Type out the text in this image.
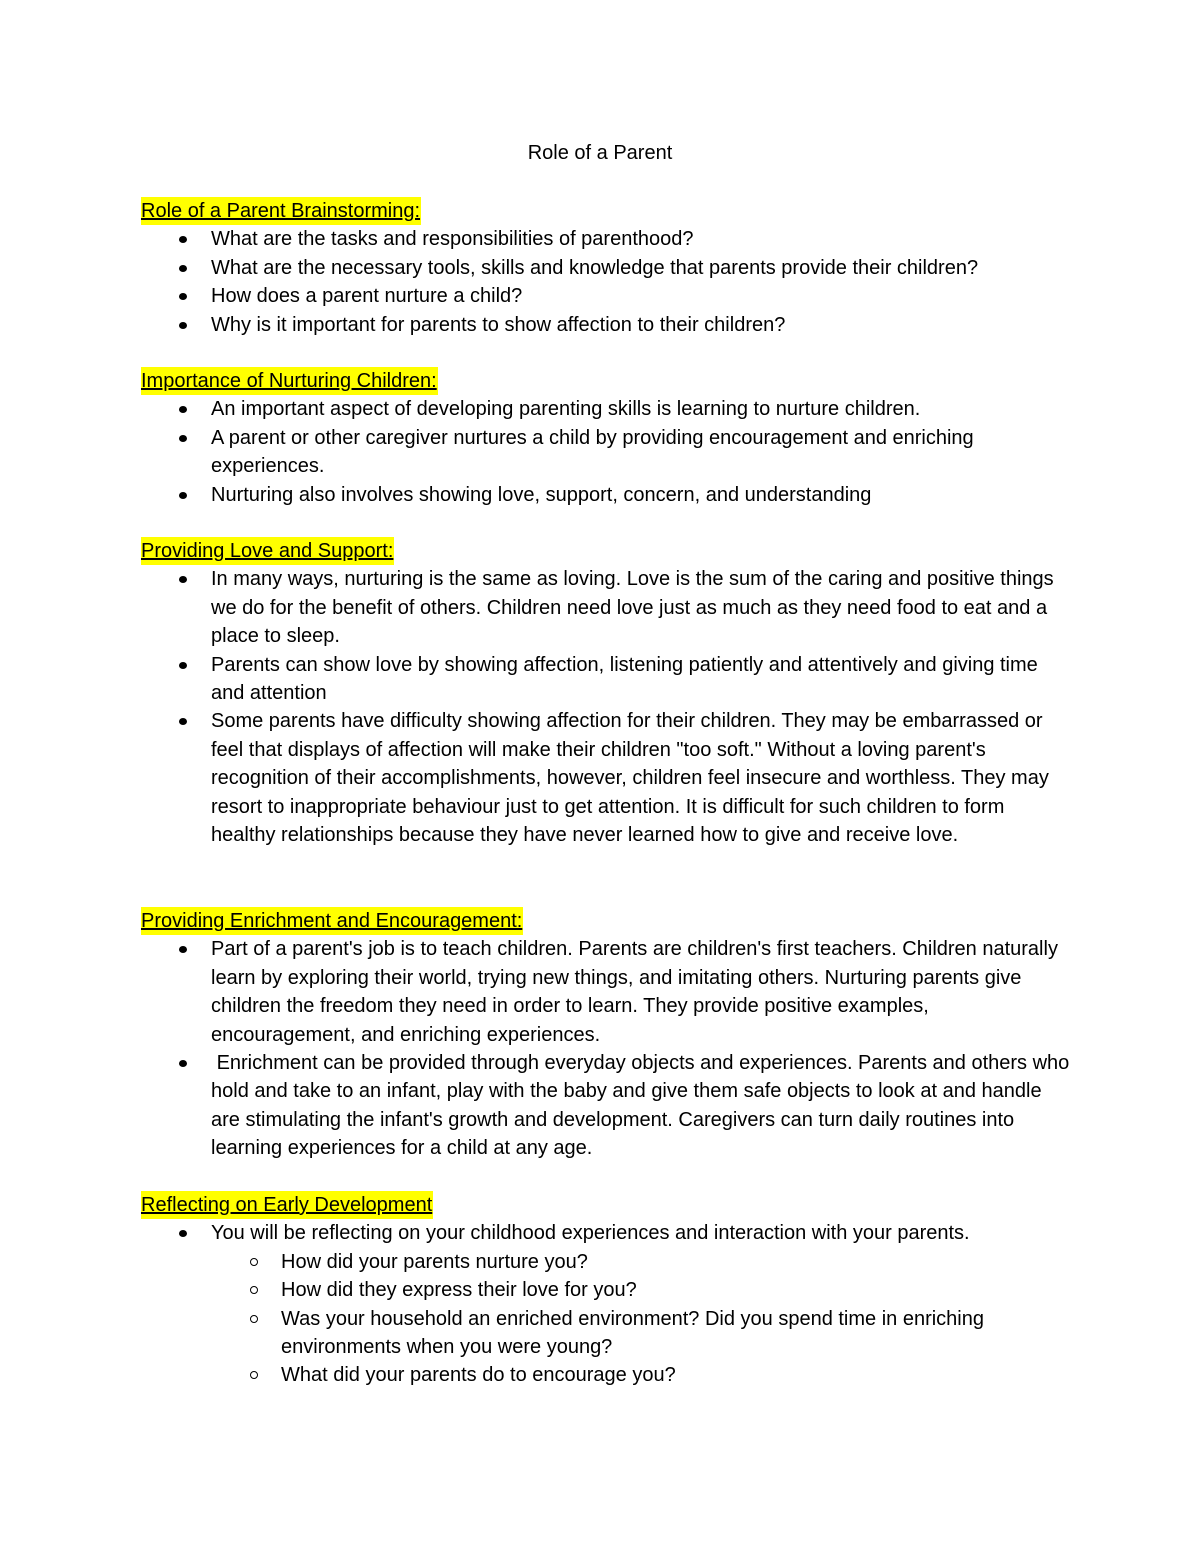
Role of a Parent
Role of a Parent Brainstorming:
What are the tasks and responsibilities of parenthood?
What are the necessary tools, skills and knowledge that parents provide their children?
How does a parent nurture a child?
Why is it important for parents to show affection to their children?
Importance of Nurturing Children:
An important aspect of developing parenting skills is learning to nurture children.
A parent or other caregiver nurtures a child by providing encouragement and enriching experiences.
Nurturing also involves showing love, support, concern, and understanding
Providing Love and Support:
In many ways, nurturing is the same as loving. Love is the sum of the caring and positive things we do for the benefit of others. Children need love just as much as they need food to eat and a place to sleep.
Parents can show love by showing affection, listening patiently and attentively and giving time and attention
Some parents have difficulty showing affection for their children. They may be embarrassed or feel that displays of affection will make their children "too soft." Without a loving parent's recognition of their accomplishments, however, children feel insecure and worthless. They may resort to inappropriate behaviour just to get attention. It is difficult for such children to form healthy relationships because they have never learned how to give and receive love.
Providing Enrichment and Encouragement:
Part of a parent's job is to teach children. Parents are children's first teachers. Children naturally learn by exploring their world, trying new things, and imitating others. Nurturing parents give children the freedom they need in order to learn. They provide positive examples, encouragement, and enriching experiences.
Enrichment can be provided through everyday objects and experiences. Parents and others who hold and take to an infant, play with the baby and give them safe objects to look at and handle are stimulating the infant's growth and development. Caregivers can turn daily routines into learning experiences for a child at any age.
Reflecting on Early Development
You will be reflecting on your childhood experiences and interaction with your parents.
How did your parents nurture you?
How did they express their love for you?
Was your household an enriched environment? Did you spend time in enriching environments when you were young?
What did your parents do to encourage you?
